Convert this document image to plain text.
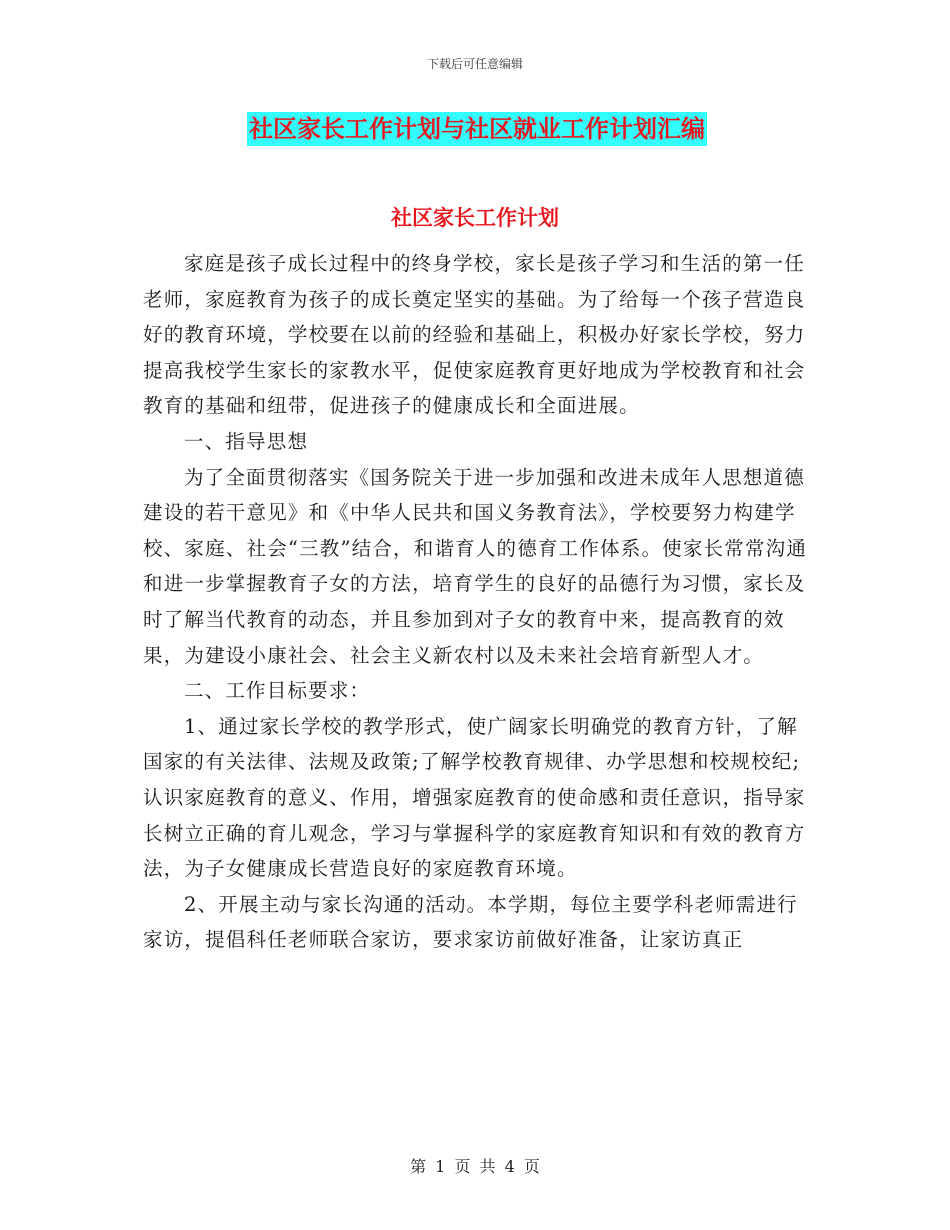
下载后可任意编辑
社区家长工作计划与社区就业工作计划汇编
社区家长工作计划

家庭是孩子成长过程中的终身学校，家长是孩子学习和生活的第一任老师，家庭教育为孩子的成长奠定坚实的基础。为了给每一个孩子营造良好的教育环境，学校要在以前的经验和基础上，积极办好家长学校，努力提高我校学生家长的家教水平，促使家庭教育更好地成为学校教育和社会教育的基础和纽带，促进孩子的健康成长和全面进展。

一、指导思想

为了全面贯彻落实《国务院关于进一步加强和改进未成年人思想道德建设的若干意见》和《中华人民共和国义务教育法》，学校要努力构建学校、家庭、社会“三教”结合，和谐育人的德育工作体系。使家长常常沟通和进一步掌握教育子女的方法，培育学生的良好的品德行为习惯，家长及时了解当代教育的动态，并且参加到对子女的教育中来，提高教育的效果，为建设小康社会、社会主义新农村以及未来社会培育新型人才。

二、工作目标要求：

1、通过家长学校的教学形式，使广阔家长明确党的教育方针，了解国家的有关法律、法规及政策;了解学校教育规律、办学思想和校规校纪;认识家庭教育的意义、作用，增强家庭教育的使命感和责任意识，指导家长树立正确的育儿观念，学习与掌握科学的家庭教育知识和有效的教育方法，为子女健康成长营造良好的家庭教育环境。

2、开展主动与家长沟通的活动。本学期，每位主要学科老师需进行家访，提倡科任老师联合家访，要求家访前做好准备，让家访真正

第 1 页 共 4 页
